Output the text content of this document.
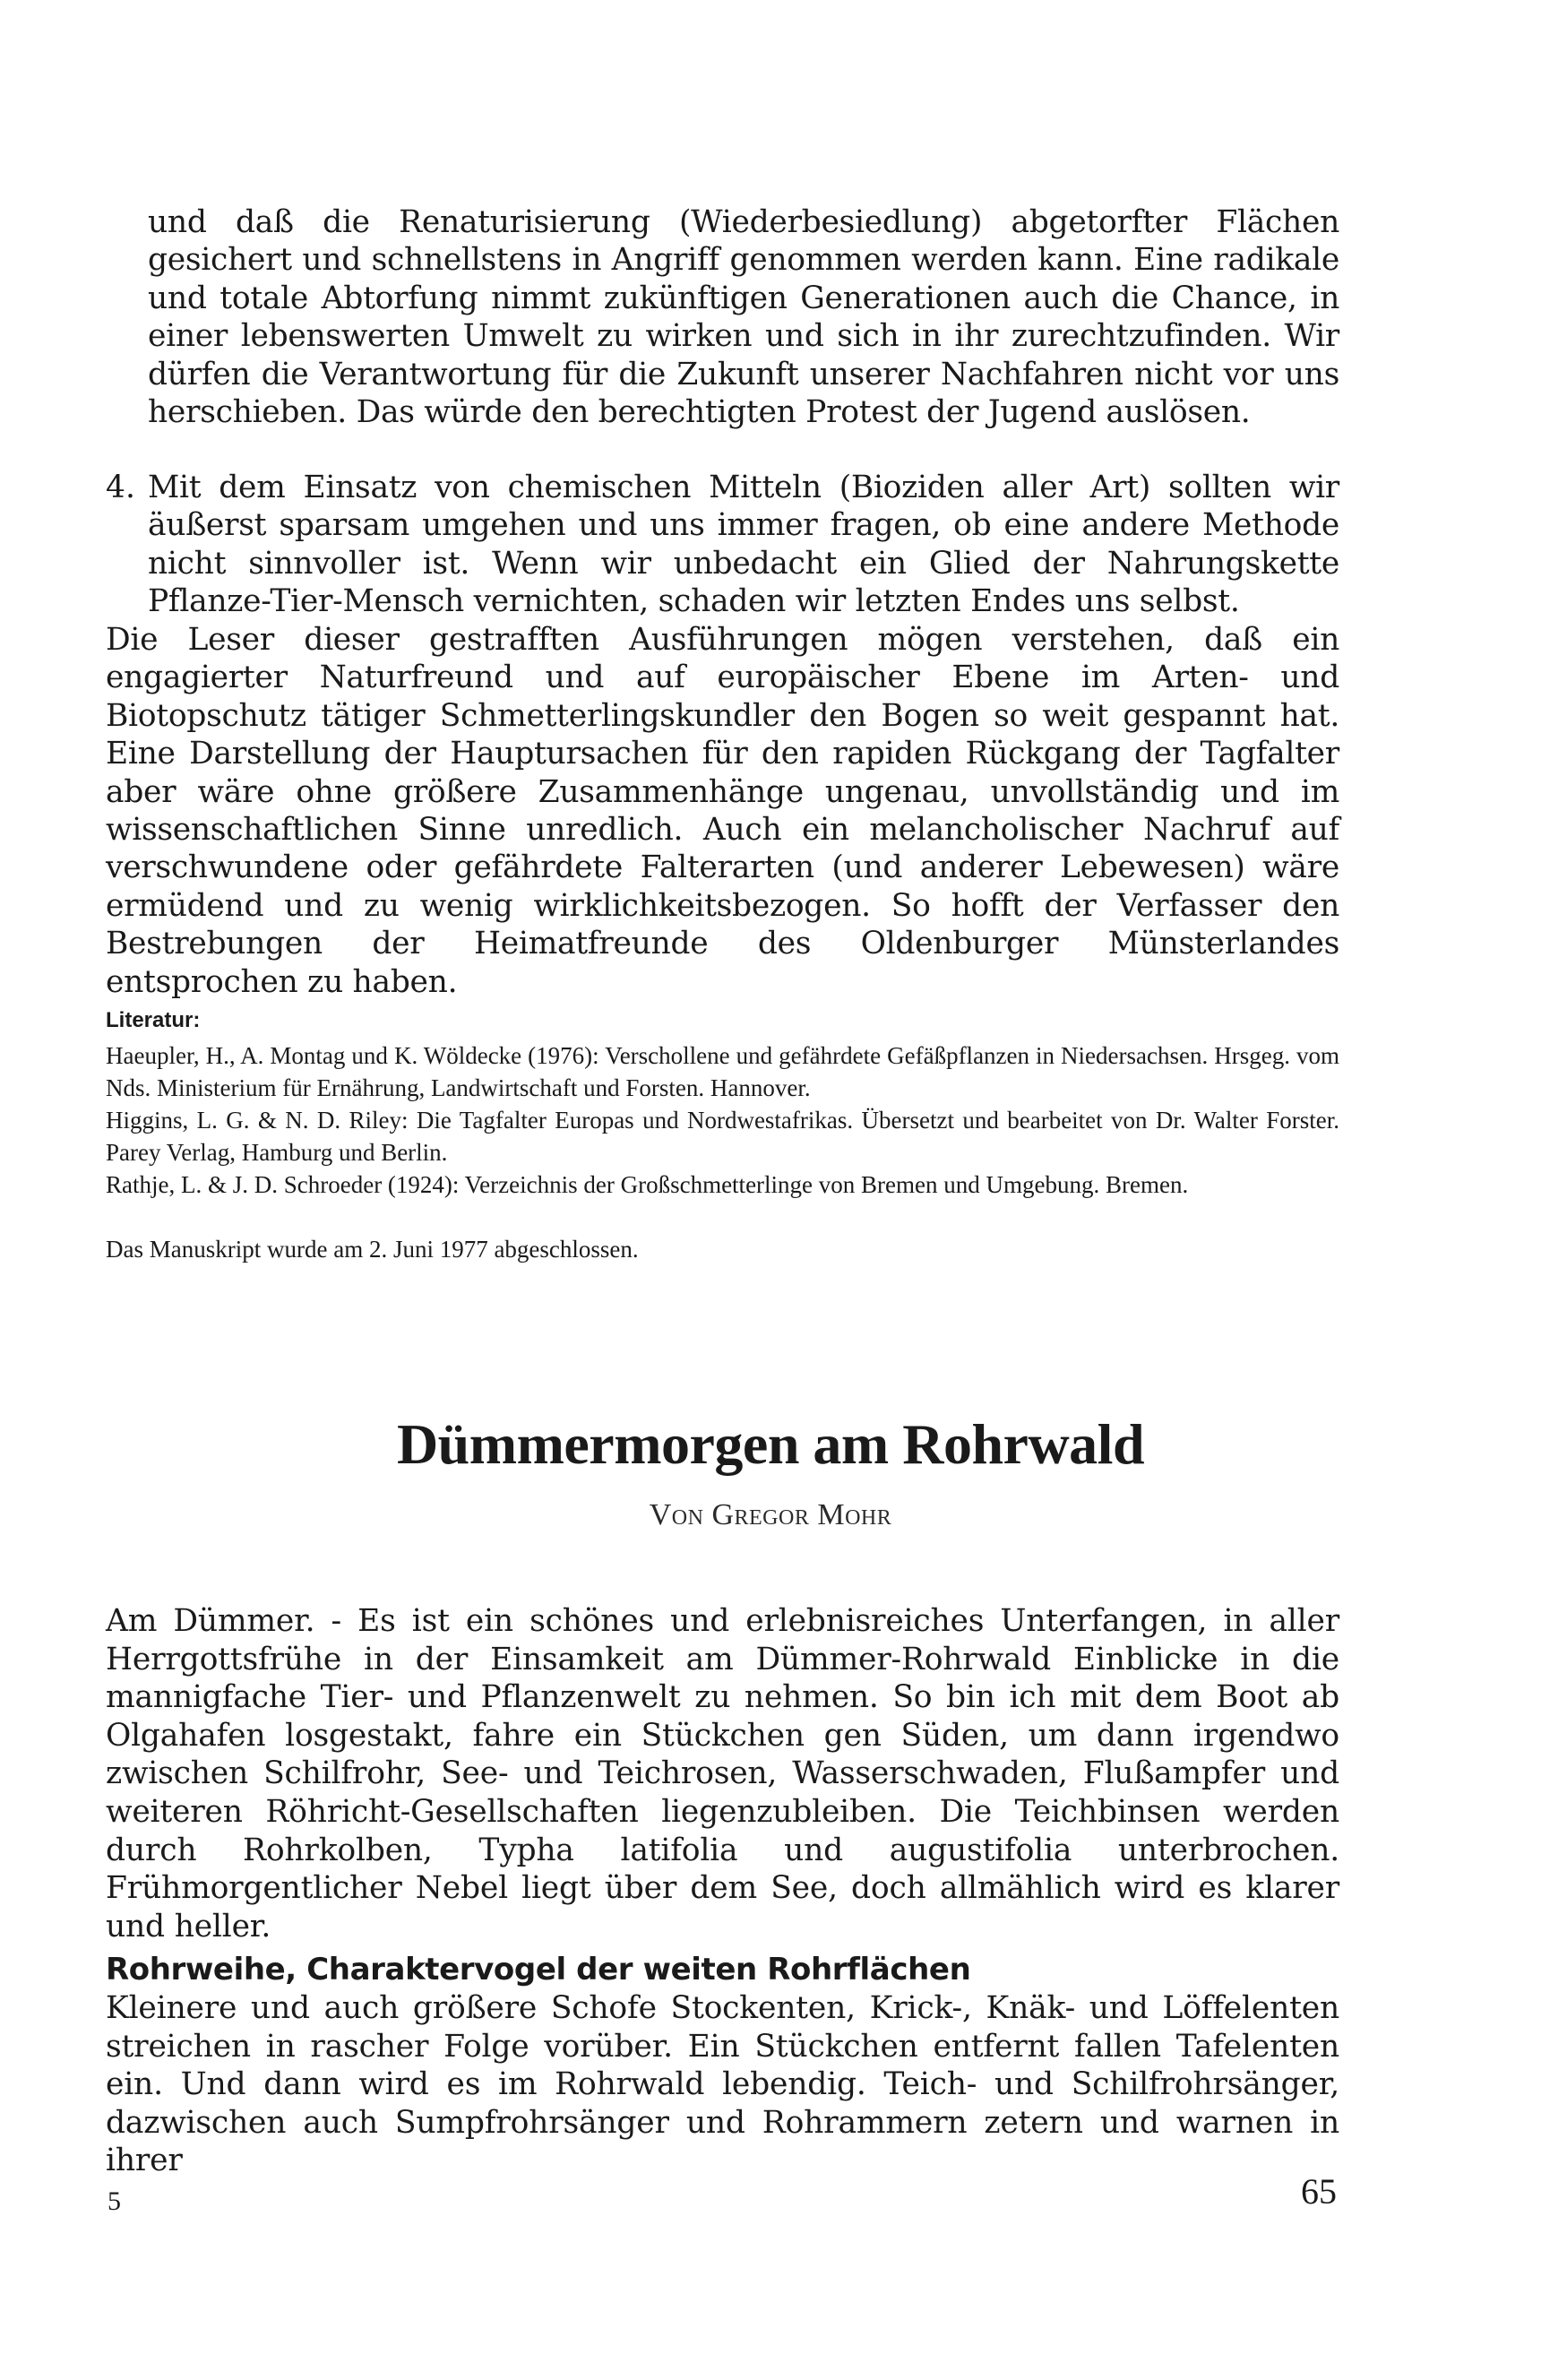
und daß die Renaturisierung (Wiederbesiedlung) abgetorfter Flächen gesichert und schnellstens in Angriff genommen werden kann. Eine radikale und totale Abtorfung nimmt zukünftigen Generationen auch die Chance, in einer lebenswerten Umwelt zu wirken und sich in ihr zurechtzufinden. Wir dürfen die Verantwortung für die Zukunft unserer Nachfahren nicht vor uns herschieben. Das würde den berechtigten Protest der Jugend auslösen.
4. Mit dem Einsatz von chemischen Mitteln (Bioziden aller Art) sollten wir äußerst sparsam umgehen und uns immer fragen, ob eine andere Methode nicht sinnvoller ist. Wenn wir unbedacht ein Glied der Nahrungskette Pflanze-Tier-Mensch vernichten, schaden wir letzten Endes uns selbst.
Die Leser dieser gestrafften Ausführungen mögen verstehen, daß ein engagierter Naturfreund und auf europäischer Ebene im Arten- und Biotopschutz tätiger Schmetterlingskundler den Bogen so weit gespannt hat. Eine Darstellung der Hauptursachen für den rapiden Rückgang der Tagfalter aber wäre ohne größere Zusammenhänge ungenau, unvollständig und im wissenschaftlichen Sinne unredlich. Auch ein melancholischer Nachruf auf verschwundene oder gefährdete Falterarten (und anderer Lebewesen) wäre ermüdend und zu wenig wirklichkeitsbezogen. So hofft der Verfasser den Bestrebungen der Heimatfreunde des Oldenburger Münsterlandes entsprochen zu haben.
Literatur:
Haeupler, H., A. Montag und K. Wöldecke (1976): Verschollene und gefährdete Gefäßpflanzen in Niedersachsen. Hrsgeg. vom Nds. Ministerium für Ernährung, Landwirtschaft und Forsten. Hannover.
Higgins, L. G. & N. D. Riley: Die Tagfalter Europas und Nordwestafrikas. Übersetzt und bearbeitet von Dr. Walter Forster. Parey Verlag, Hamburg und Berlin.
Rathje, L. & J. D. Schroeder (1924): Verzeichnis der Großschmetterlinge von Bremen und Umgebung. Bremen.
Das Manuskript wurde am 2. Juni 1977 abgeschlossen.
Dümmermorgen am Rohrwald
Von Gregor Mohr
Am Dümmer. - Es ist ein schönes und erlebnisreiches Unterfangen, in aller Herrgottsfrühe in der Einsamkeit am Dümmer-Rohrwald Einblicke in die mannigfache Tier- und Pflanzenwelt zu nehmen. So bin ich mit dem Boot ab Olgahafen losgestakt, fahre ein Stückchen gen Süden, um dann irgendwo zwischen Schilfrohr, See- und Teichrosen, Wasserschwaden, Flußampfer und weiteren Röhricht-Gesellschaften liegenzubleiben. Die Teichbinsen werden durch Rohrkolben, Typha latifolia und augustifolia unterbrochen. Frühmorgentlicher Nebel liegt über dem See, doch allmählich wird es klarer und heller.
Rohrweihe, Charaktervogel der weiten Rohrflächen
Kleinere und auch größere Schofe Stockenten, Krick-, Knäk- und Löffelenten streichen in rascher Folge vorüber. Ein Stückchen entfernt fallen Tafelenten ein. Und dann wird es im Rohrwald lebendig. Teich- und Schilfrohrsänger, dazwischen auch Sumpfrohrsänger und Rohrammern zetern und warnen in ihrer
5	65
